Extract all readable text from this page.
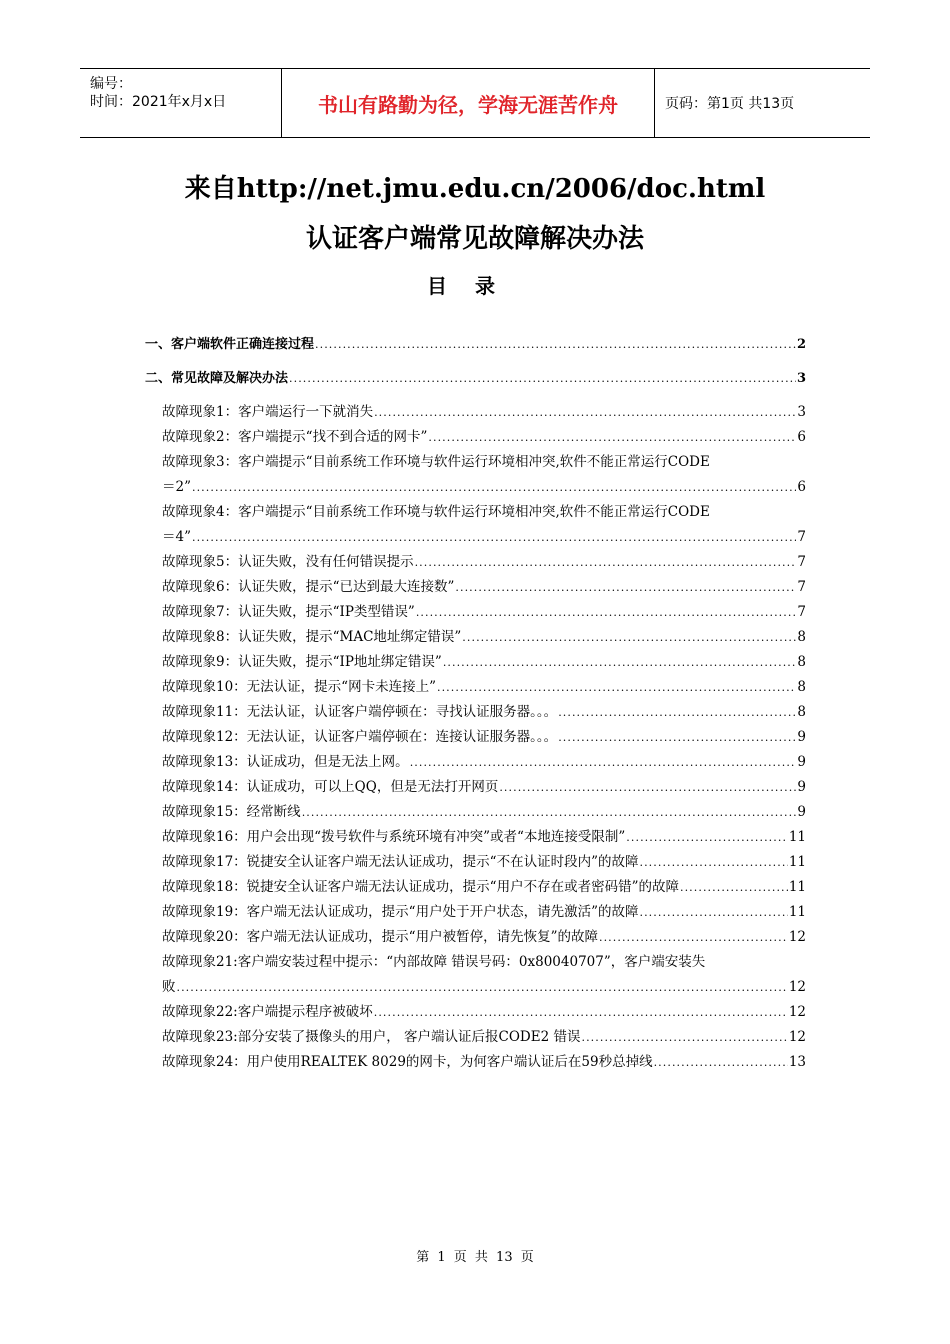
编号：
时间：2021年x月x日	书山有路勤为径，学海无涯苦作舟	页码：第1页 共13页
来自http://net.jmu.edu.cn/2006/doc.html
认证客户端常见故障解决办法
目录
一、客户端软件正确连接过程 . . .	2
二、常见故障及解决办法 . . .	3
故障现象1：客户端运行一下就消失 . . .	3
故障现象2：客户端提示“找不到合适的网卡” . . .	6
故障现象3：客户端提示“目前系统工作环境与软件运行环境相冲突,软件不能正常运行CODE
＝2” . . .	6
故障现象4：客户端提示“目前系统工作环境与软件运行环境相冲突,软件不能正常运行CODE
＝4” . . .	7
故障现象5：认证失败，没有任何错误提示 . . .	7
故障现象6：认证失败，提示“已达到最大连接数” . . .	7
故障现象7：认证失败，提示“IP类型错误” . . .	7
故障现象8：认证失败，提示“MAC地址绑定错误” . . .	8
故障现象9：认证失败，提示“IP地址绑定错误” . . .	8
故障现象10：无法认证，提示“网卡未连接上” . . .	8
故障现象11：无法认证，认证客户端停顿在：寻找认证服务器。。。 . . .	8
故障现象12：无法认证，认证客户端停顿在：连接认证服务器。。。 . . .	9
故障现象13：认证成功，但是无法上网。 . . .	9
故障现象14：认证成功，可以上QQ，但是无法打开网页 . . .	9
故障现象15：经常断线 . . .	9
故障现象16：用户会出现“拨号软件与系统环境有冲突”或者“本地连接受限制” . . .	11
故障现象17：锐捷安全认证客户端无法认证成功，提示“不在认证时段内”的故障 . . .	11
故障现象18：锐捷安全认证客户端无法认证成功，提示“用户不存在或者密码错”的故障 . . .	11
故障现象19：客户端无法认证成功，提示“用户处于开户状态，请先激活”的故障 . . .	11
故障现象20：客户端无法认证成功，提示“用户被暂停，请先恢复”的故障 . . .	12
故障现象21:客户端安装过程中提示：“内部故障 错误号码：0x80040707”，客户端安装失
败 . . .	12
故障现象22:客户端提示程序被破坏 . . .	12
故障现象23:部分安装了摄像头的用户， 客户端认证后报CODE2 错误 . . .	12
故障现象24：用户使用REALTEK 8029的网卡，为何客户端认证后在59秒总掉线 . . .	13
第 1 页 共 13 页
